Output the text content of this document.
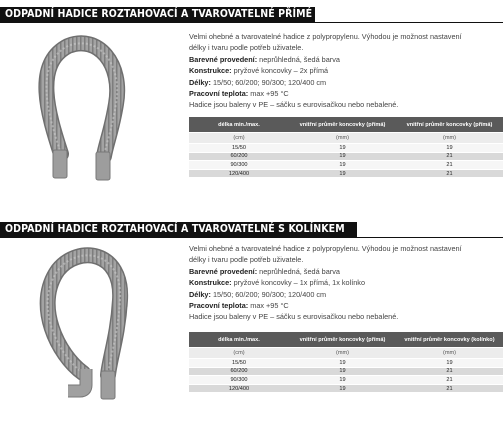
ODPADNÍ HADICE ROZTAHOVACÍ A TVAROVATELNÉ PŘÍMÉ
Velmi ohebné a tvarovatelné hadice z polypropylenu. Výhodou je možnost nastavení
délky i tvaru podle potřeb uživatele.
Barevné provedení: neprůhledná, šedá barva
Konstrukce: pryžové koncovky – 2x přímá
Délky: 15/50; 60/200; 90/300; 120/400 cm
Pracovní teplota: max +95 °C
Hadice jsou baleny v PE – sáčku s eurovisačkou nebo nebalené.
délka min./max.	vnitřní průměr koncovky (přímá)	vnitřní průměr koncovky (přímá)
(cm)	(mm)	(mm)
15/50	19	19
60/200	19	21
90/300	19	21
120/400	19	21
ODPADNÍ HADICE ROZTAHOVACÍ A TVAROVATELNÉ S KOLÍNKEM
Velmi ohebné a tvarovatelné hadice z polypropylenu. Výhodou je možnost nastavení
délky i tvaru podle potřeb uživatele.
Barevné provedení: neprůhledná, šedá barva
Konstrukce: pryžové koncovky – 1x přímá, 1x kolínko
Délky: 15/50; 60/200; 90/300; 120/400 cm
Pracovní teplota: max +95 °C
Hadice jsou baleny v PE – sáčku s eurovisačkou nebo nebalené.
délka min./max.	vnitřní průměr koncovky (přímá)	vnitřní průměr koncovky (kolínko)
(cm)	(mm)	(mm)
15/50	19	19
60/200	19	21
90/300	19	21
120/400	19	21
